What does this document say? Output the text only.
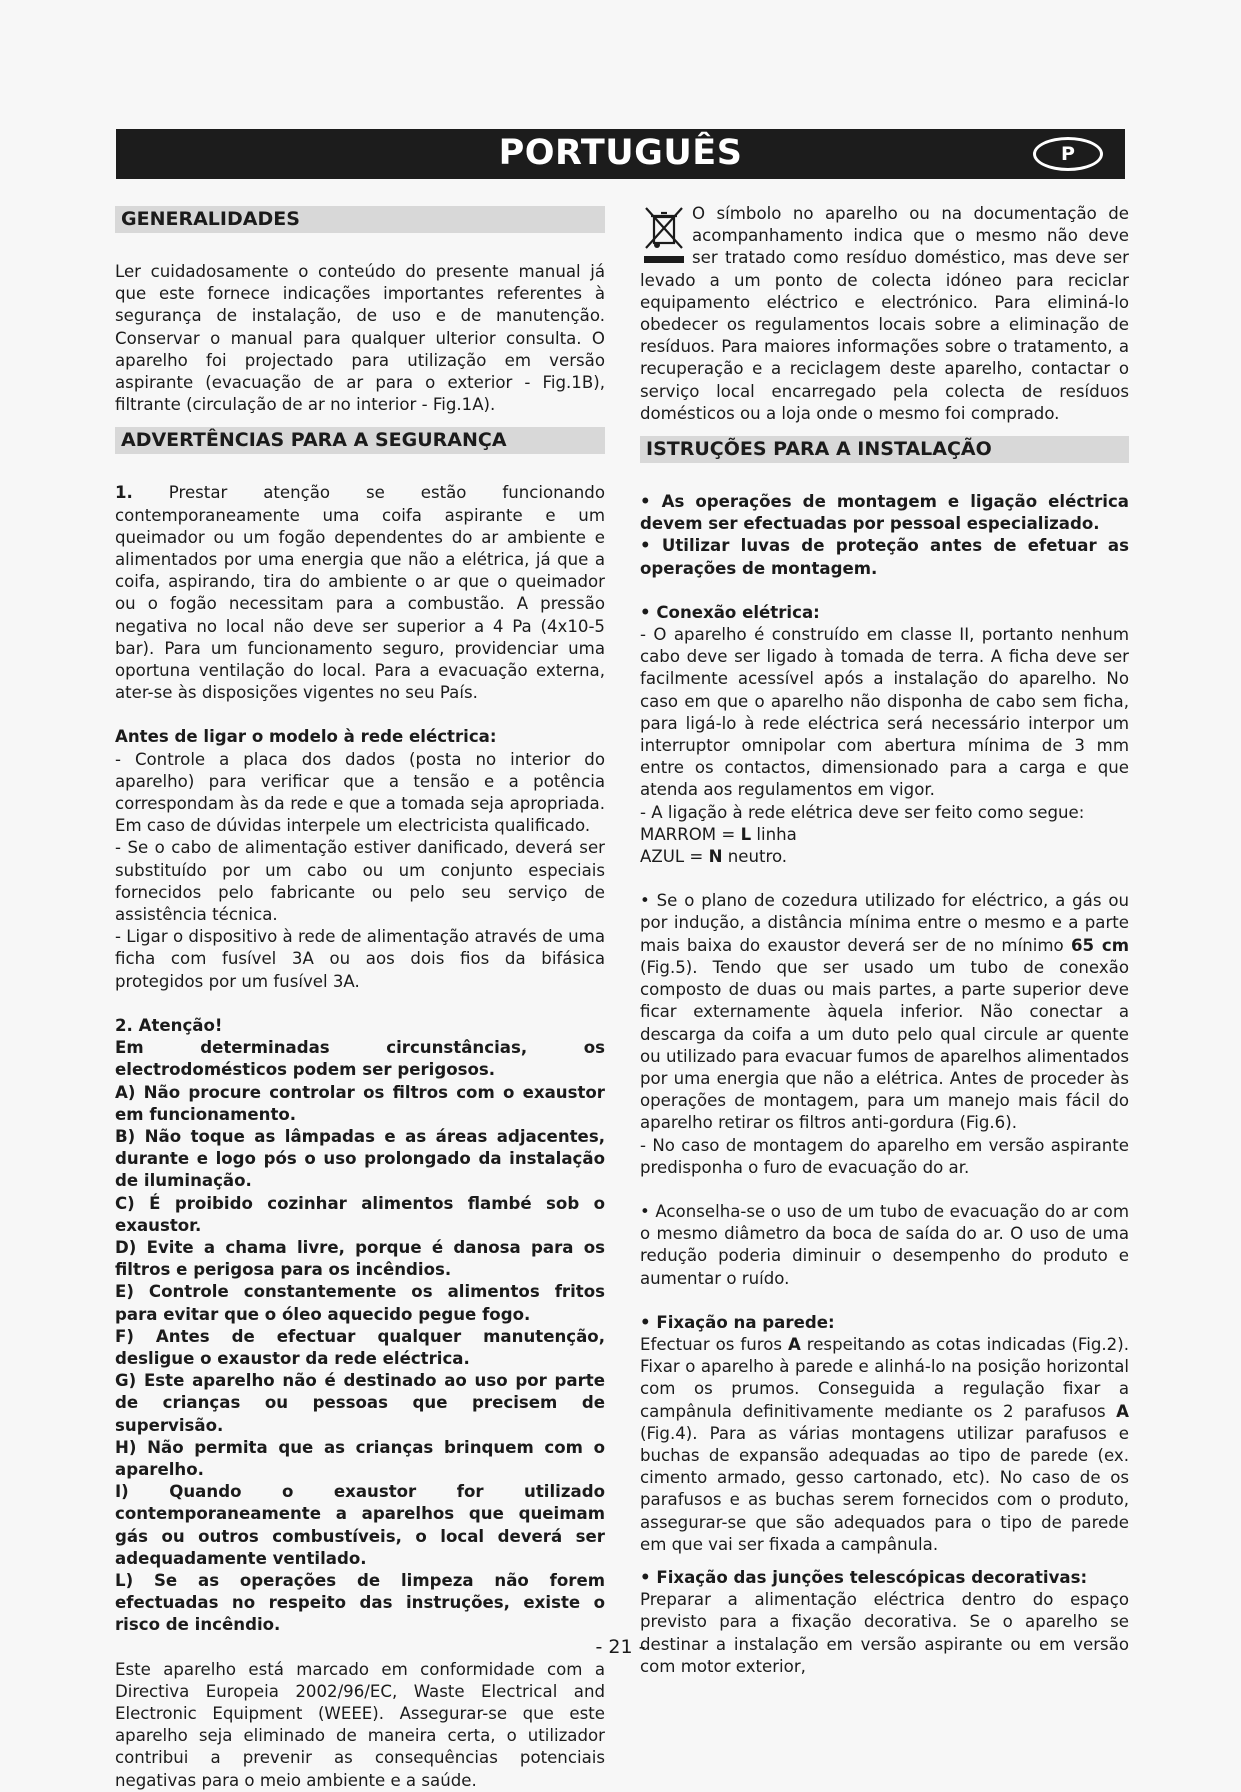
PORTUGUÊS	P
GENERALIDADES

Ler cuidadosamente o conteúdo do presente manual já que este fornece indicações importantes referentes à segurança de instalação, de uso e de manutenção. Conservar o manual para qualquer ulterior consulta. O aparelho foi projectado para utilização em versão aspirante (evacuação de ar para o exterior - Fig.1B), filtrante (circulação de ar no interior - Fig.1A).

ADVERTÊNCIAS PARA A SEGURANÇA

1. Prestar atenção se estão funcionando contemporaneamente uma coifa aspirante e um queimador ou um fogão dependentes do ar ambiente e alimentados por uma energia que não a elétrica, já que a coifa, aspirando, tira do ambiente o ar que o queimador ou o fogão necessitam para a combustão. A pressão negativa no local não deve ser superior a 4 Pa (4x10-5 bar). Para um funcionamento seguro, providenciar uma oportuna ventilação do local. Para a evacuação externa, ater-se às disposições vigentes no seu País.

Antes de ligar o modelo à rede eléctrica:

- Controle a placa dos dados (posta no interior do aparelho) para verificar que a tensão e a potência correspondam às da rede e que a tomada seja apropriada. Em caso de dúvidas interpele um electricista qualificado.

- Se o cabo de alimentação estiver danificado, deverá ser substituído por um cabo ou um conjunto especiais fornecidos pelo fabricante ou pelo seu serviço de assistência técnica.

- Ligar o dispositivo à rede de alimentação através de uma ficha com fusível 3A ou aos dois fios da bifásica protegidos por um fusível 3A.

2. Atenção!

Em determinadas circunstâncias, os electrodomésticos podem ser perigosos.

A) Não procure controlar os filtros com o exaustor em funcionamento.

B) Não toque as lâmpadas e as áreas adjacentes, durante e logo pós o uso prolongado da instalação de iluminação.

C) É proibido cozinhar alimentos flambé sob o exaustor.

D) Evite a chama livre, porque é danosa para os filtros e perigosa para os incêndios.

E) Controle constantemente os alimentos fritos para evitar que o óleo aquecido pegue fogo.

F) Antes de efectuar qualquer manutenção, desligue o exaustor da rede eléctrica.

G) Este aparelho não é destinado ao uso por parte de crianças ou pessoas que precisem de supervisão.

H) Não permita que as crianças brinquem com o aparelho.

I) Quando o exaustor for utilizado contemporaneamente a aparelhos que queimam gás ou outros combustíveis, o local deverá ser adequadamente ventilado.

L) Se as operações de limpeza não forem efectuadas no respeito das instruções, existe o risco de incêndio.

Este aparelho está marcado em conformidade com a Directiva Europeia 2002/96/EC, Waste Electrical and Electronic Equipment (WEEE). Assegurar-se que este aparelho seja eliminado de maneira certa, o utilizador contribui a prevenir as consequências potenciais negativas para o meio ambiente e a saúde.

O símbolo no aparelho ou na documentação de acompanhamento indica que o mesmo não deve ser tratado como resíduo doméstico, mas deve ser levado a um ponto de colecta idóneo para reciclar equipamento eléctrico e electrónico. Para eliminá-lo obedecer os regulamentos locais sobre a eliminação de resíduos. Para maiores informações sobre o tratamento, a recuperação e a reciclagem deste aparelho, contactar o serviço local encarregado pela colecta de resíduos domésticos ou a loja onde o mesmo foi comprado.

ISTRUÇÕES PARA A INSTALAÇÃO

• As operações de montagem e ligação eléctrica devem ser efectuadas por pessoal especializado.

• Utilizar luvas de proteção antes de efetuar as operações de montagem.

• Conexão elétrica:

- O aparelho é construído em classe II, portanto nenhum cabo deve ser ligado à tomada de terra. A ficha deve ser facilmente acessível após a instalação do aparelho. No caso em que o aparelho não disponha de cabo sem ficha, para ligá-lo à rede eléctrica será necessário interpor um interruptor omnipolar com abertura mínima de 3 mm entre os contactos, dimensionado para a carga e que atenda aos regulamentos em vigor.

- A ligação à rede elétrica deve ser feito como segue:

MARROM = L linha

AZUL = N neutro.

• Se o plano de cozedura utilizado for eléctrico, a gás ou por indução, a distância mínima entre o mesmo e a parte mais baixa do exaustor deverá ser de no mínimo 65 cm (Fig.5). Tendo que ser usado um tubo de conexão composto de duas ou mais partes, a parte superior deve ficar externamente àquela inferior. Não conectar a descarga da coifa a um duto pelo qual circule ar quente ou utilizado para evacuar fumos de aparelhos alimentados por uma energia que não a elétrica. Antes de proceder às operações de montagem, para um manejo mais fácil do aparelho retirar os filtros anti-gordura (Fig.6).

- No caso de montagem do aparelho em versão aspirante predisponha o furo de evacuação do ar.

• Aconselha-se o uso de um tubo de evacuação do ar com o mesmo diâmetro da boca de saída do ar. O uso de uma redução poderia diminuir o desempenho do produto e aumentar o ruído.

• Fixação na parede:

Efectuar os furos A respeitando as cotas indicadas (Fig.2). Fixar o aparelho à parede e alinhá-lo na posição horizontal com os prumos. Conseguida a regulação fixar a campânula definitivamente mediante os 2 parafusos A (Fig.4). Para as várias montagens utilizar parafusos e buchas de expansão adequadas ao tipo de parede (ex. cimento armado, gesso cartonado, etc). No caso de os parafusos e as buchas serem fornecidos com o produto, assegurar-se que são adequados para o tipo de parede em que vai ser fixada a campânula.

• Fixação das junções telescópicas decorativas:

Preparar a alimentação eléctrica dentro do espaço previsto para a fixação decorativa. Se o aparelho se destinar a instalação em versão aspirante ou em versão com motor exterior,

- 21 -
